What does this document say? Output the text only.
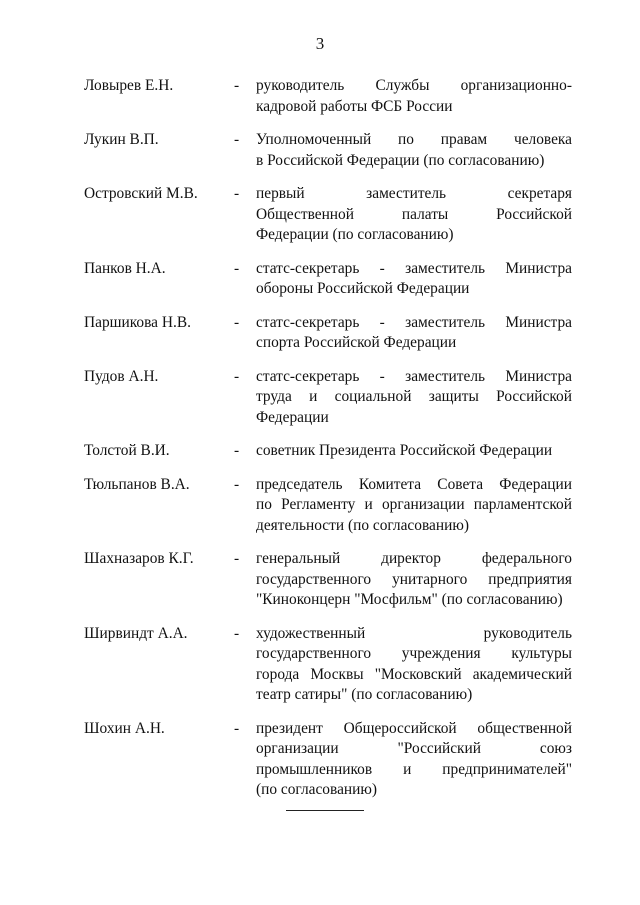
3
Ловырев Е.Н.	-	руководитель Службы организационно-
кадровой работы ФСБ России
Лукин В.П.	-	Уполномоченный по правам человека
в Российской Федерации (по согласованию)
Островский М.В.	-	первый заместитель секретаря
Общественной палаты Российской
Федерации (по согласованию)
Панков Н.А.	-	статс-секретарь - заместитель Министра
обороны Российской Федерации
Паршикова Н.В.	-	статс-секретарь - заместитель Министра
спорта Российской Федерации
Пудов А.Н.	-	статс-секретарь - заместитель Министра
труда и социальной защиты Российской
Федерации
Толстой В.И.	-	советник Президента Российской Федерации
Тюльпанов В.А.	-	председатель Комитета Совета Федерации
по Регламенту и организации парламентской
деятельности (по согласованию)
Шахназаров К.Г.	-	генеральный директор федерального
государственного унитарного предприятия
"Киноконцерн "Мосфильм" (по согласованию)
Ширвиндт А.А.	-	художественный руководитель
государственного учреждения культуры
города Москвы "Московский академический
театр сатиры" (по согласованию)
Шохин А.Н.	-	президент Общероссийской общественной
организации "Российский союз
промышленников и предпринимателей"
(по согласованию)
